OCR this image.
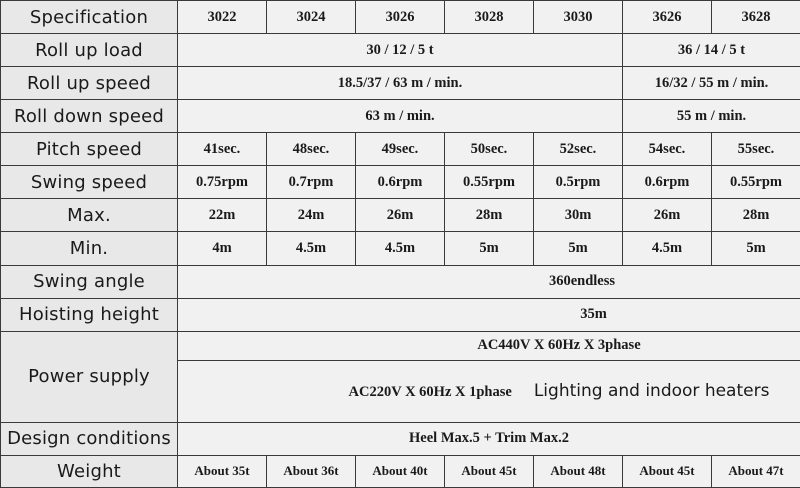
Specification	3022	3024	3026	3028	3030	3626	3628
Roll up load	30 / 12 / 5 t					36 / 14 / 5 t	
Roll up speed	18.5/37 / 63 m / min.					16/32 / 55 m / min.	
Roll down speed	63 m / min.					55 m / min.	
Pitch speed	41sec.	48sec.	49sec.	50sec.	52sec.	54sec.	55sec.
Swing speed	0.75rpm	0.7rpm	0.6rpm	0.55rpm	0.5rpm	0.6rpm	0.55rpm
Max.	22m	24m	26m	28m	30m	26m	28m
Min.	4m	4.5m	4.5m	5m	5m	4.5m	5m
Swing angle	360endless						
Hoisting height	35m						
Power supply	AC440V X 60Hz X 3phase						
	AC220V X 60Hz X 1phase Lighting and indoor heaters						
Design conditions	Heel Max.5 + Trim Max.2						
Weight	About 35t	About 36t	About 40t	About 45t	About 48t	About 45t	About 47t
